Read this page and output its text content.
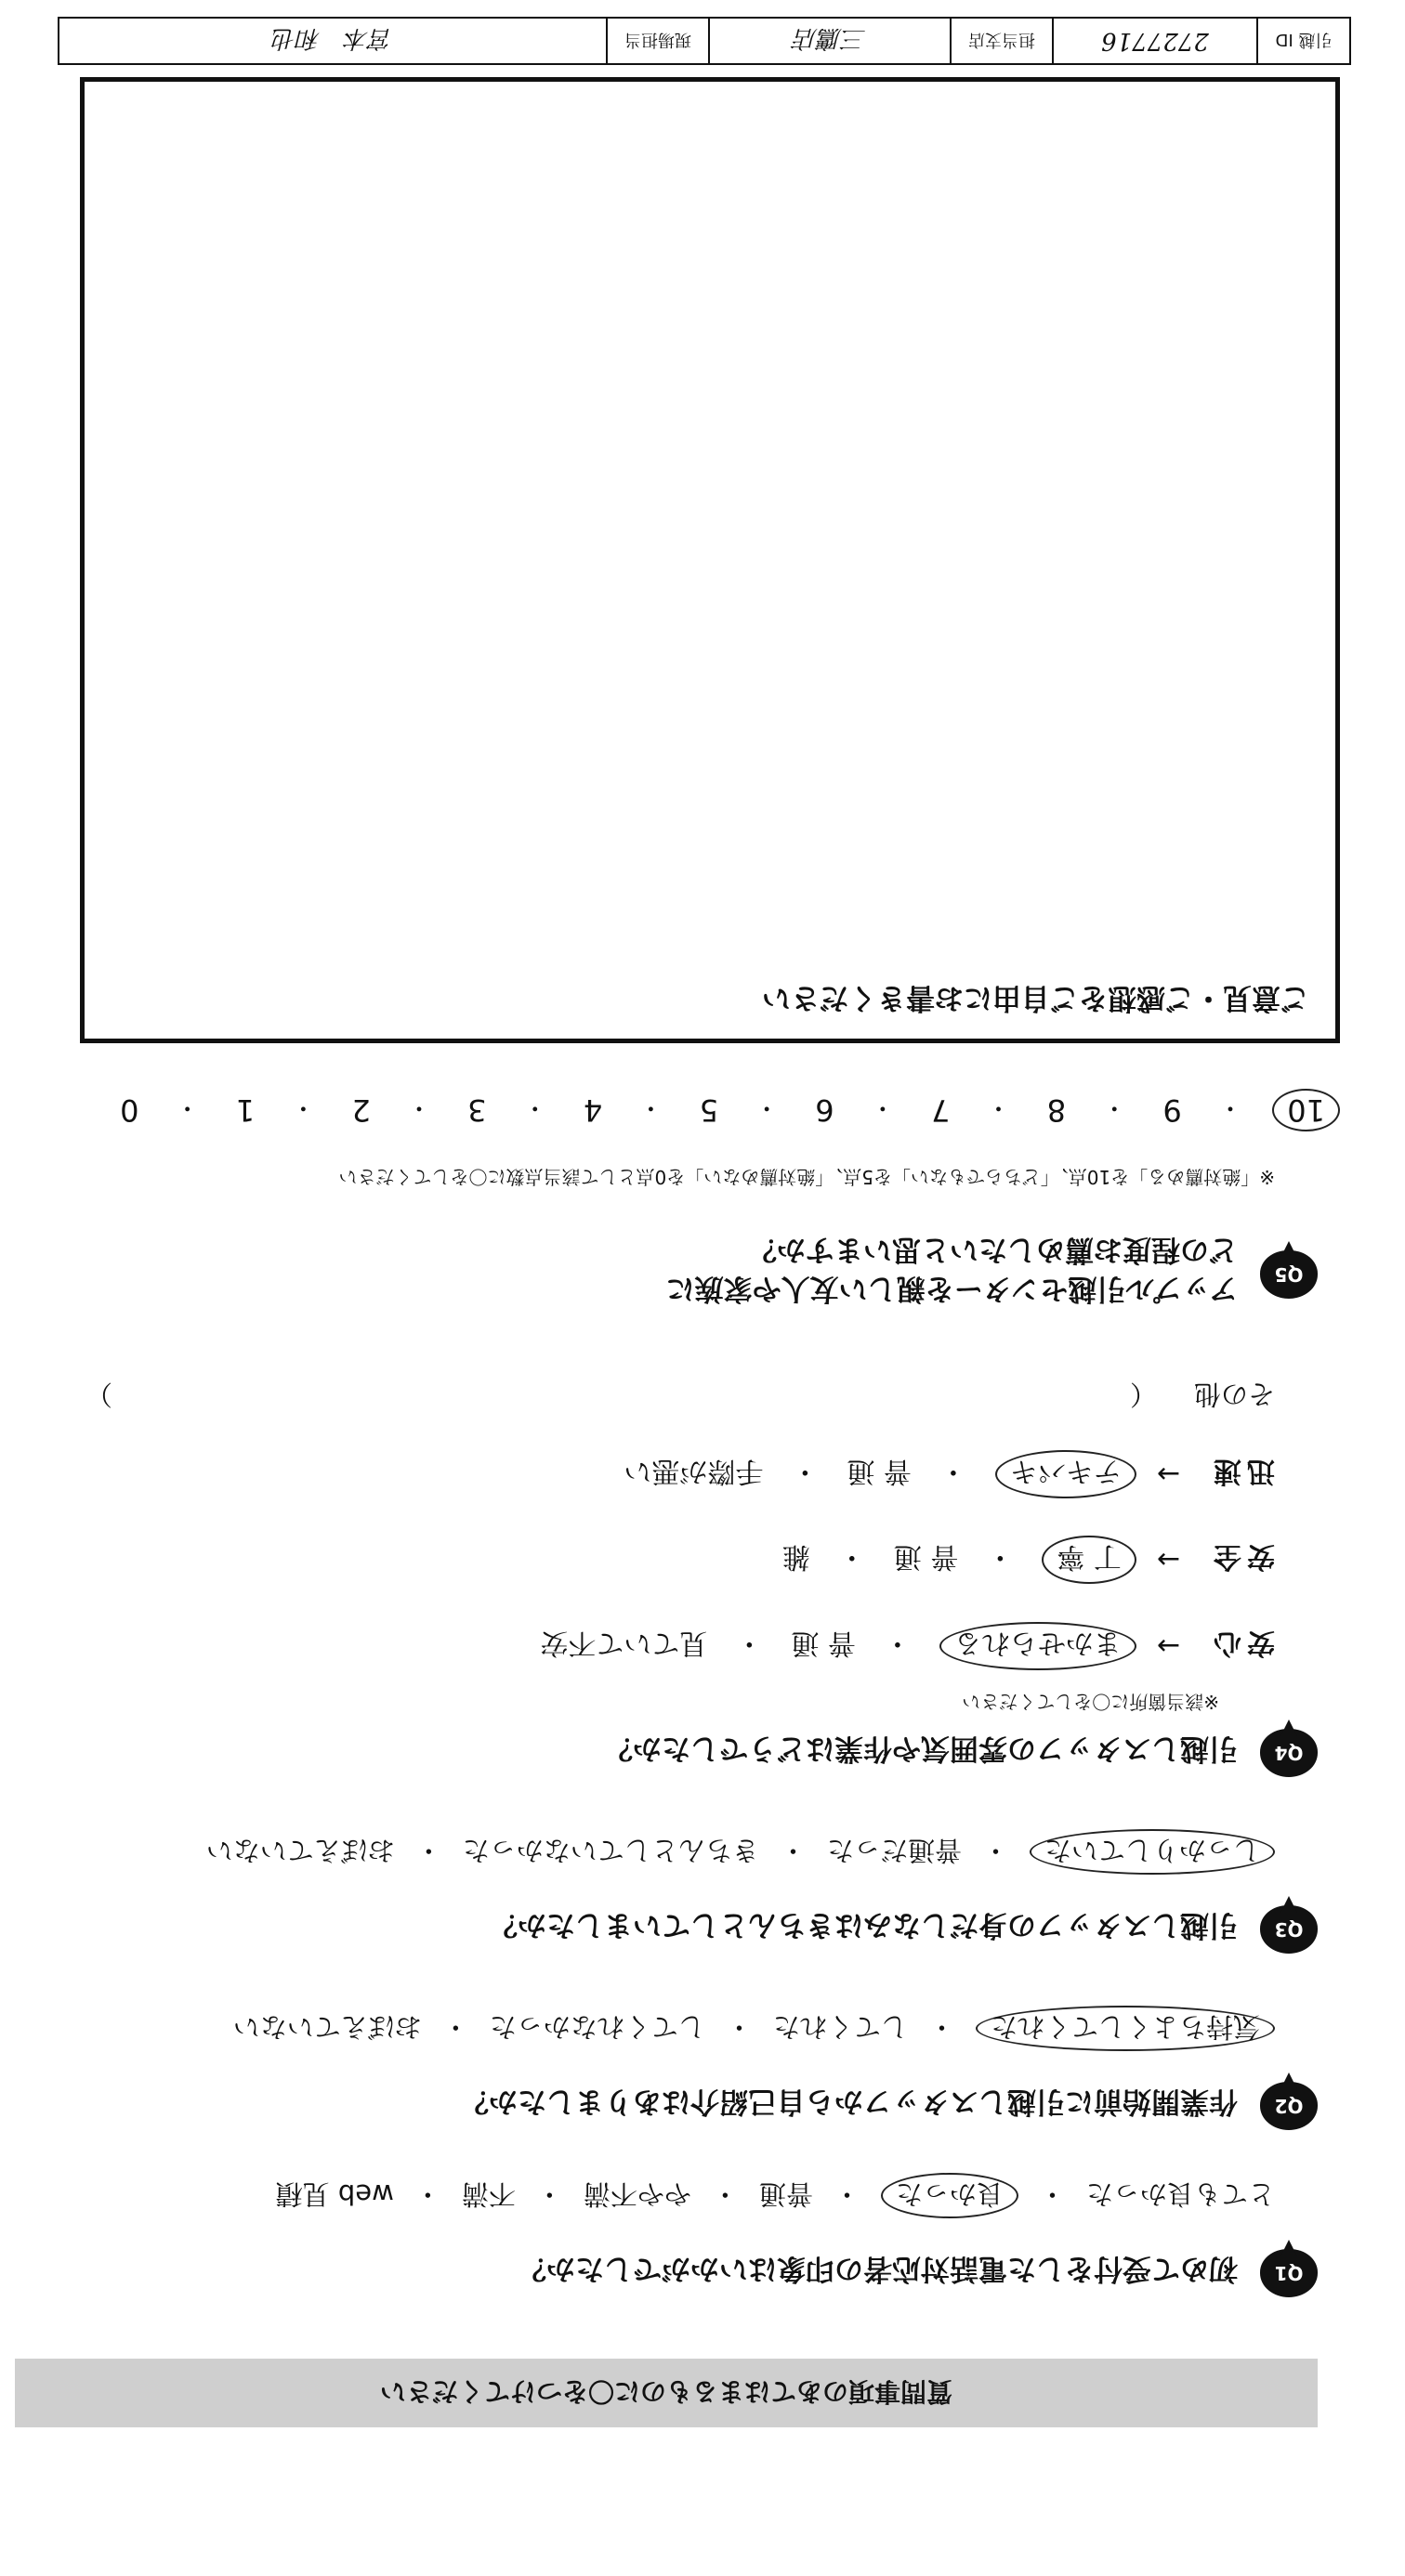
質問事項のあてはまるものに〇をつけてください
Q1
初めて受付をした電話対応者の印象はいかがでしたか？
とても良かった
・
良かった
・
普通
・
やや不満
・
不満
・
web 見積
Q2
作業開始前に引越しスタッフから自己紹介はありましたか？
気持ちよくしてくれた
・
してくれた
・
してくれなかった
・
おぼえていない
Q3
引越しスタッフの身だしなみはきちんとしていましたか？
しっかりしていた
・
普通だった
・
きちんとしていなかった
・
おぼえていない
Q4
引越しスタッフの雰囲気や作業はどうでしたか？
※該当箇所に〇をしてください
安心
→
まかせられる
・
普 通
・
見ていて不安
安全
→
丁 寧
・
普 通
・
雑
迅速
→
テキパキ
・
普 通
・
手際が悪い
その他（
）
Q5
アップル引越センターを親しい友人や家族に
どの程度お薦めしたいと思いますか？
※「絶対薦める」を10点、「どちらでもない」を5点、「絶対薦めない」を0点として該当点数に〇をしてください
10
・
9
・
8
・
7
・
6
・
5
・
4
・
3
・
2
・
1
・
0
ご意見・ご感想をご自由にお書きください
引越 ID
2727716
担当支店
三鷹店
現場担当
宮本　和也
